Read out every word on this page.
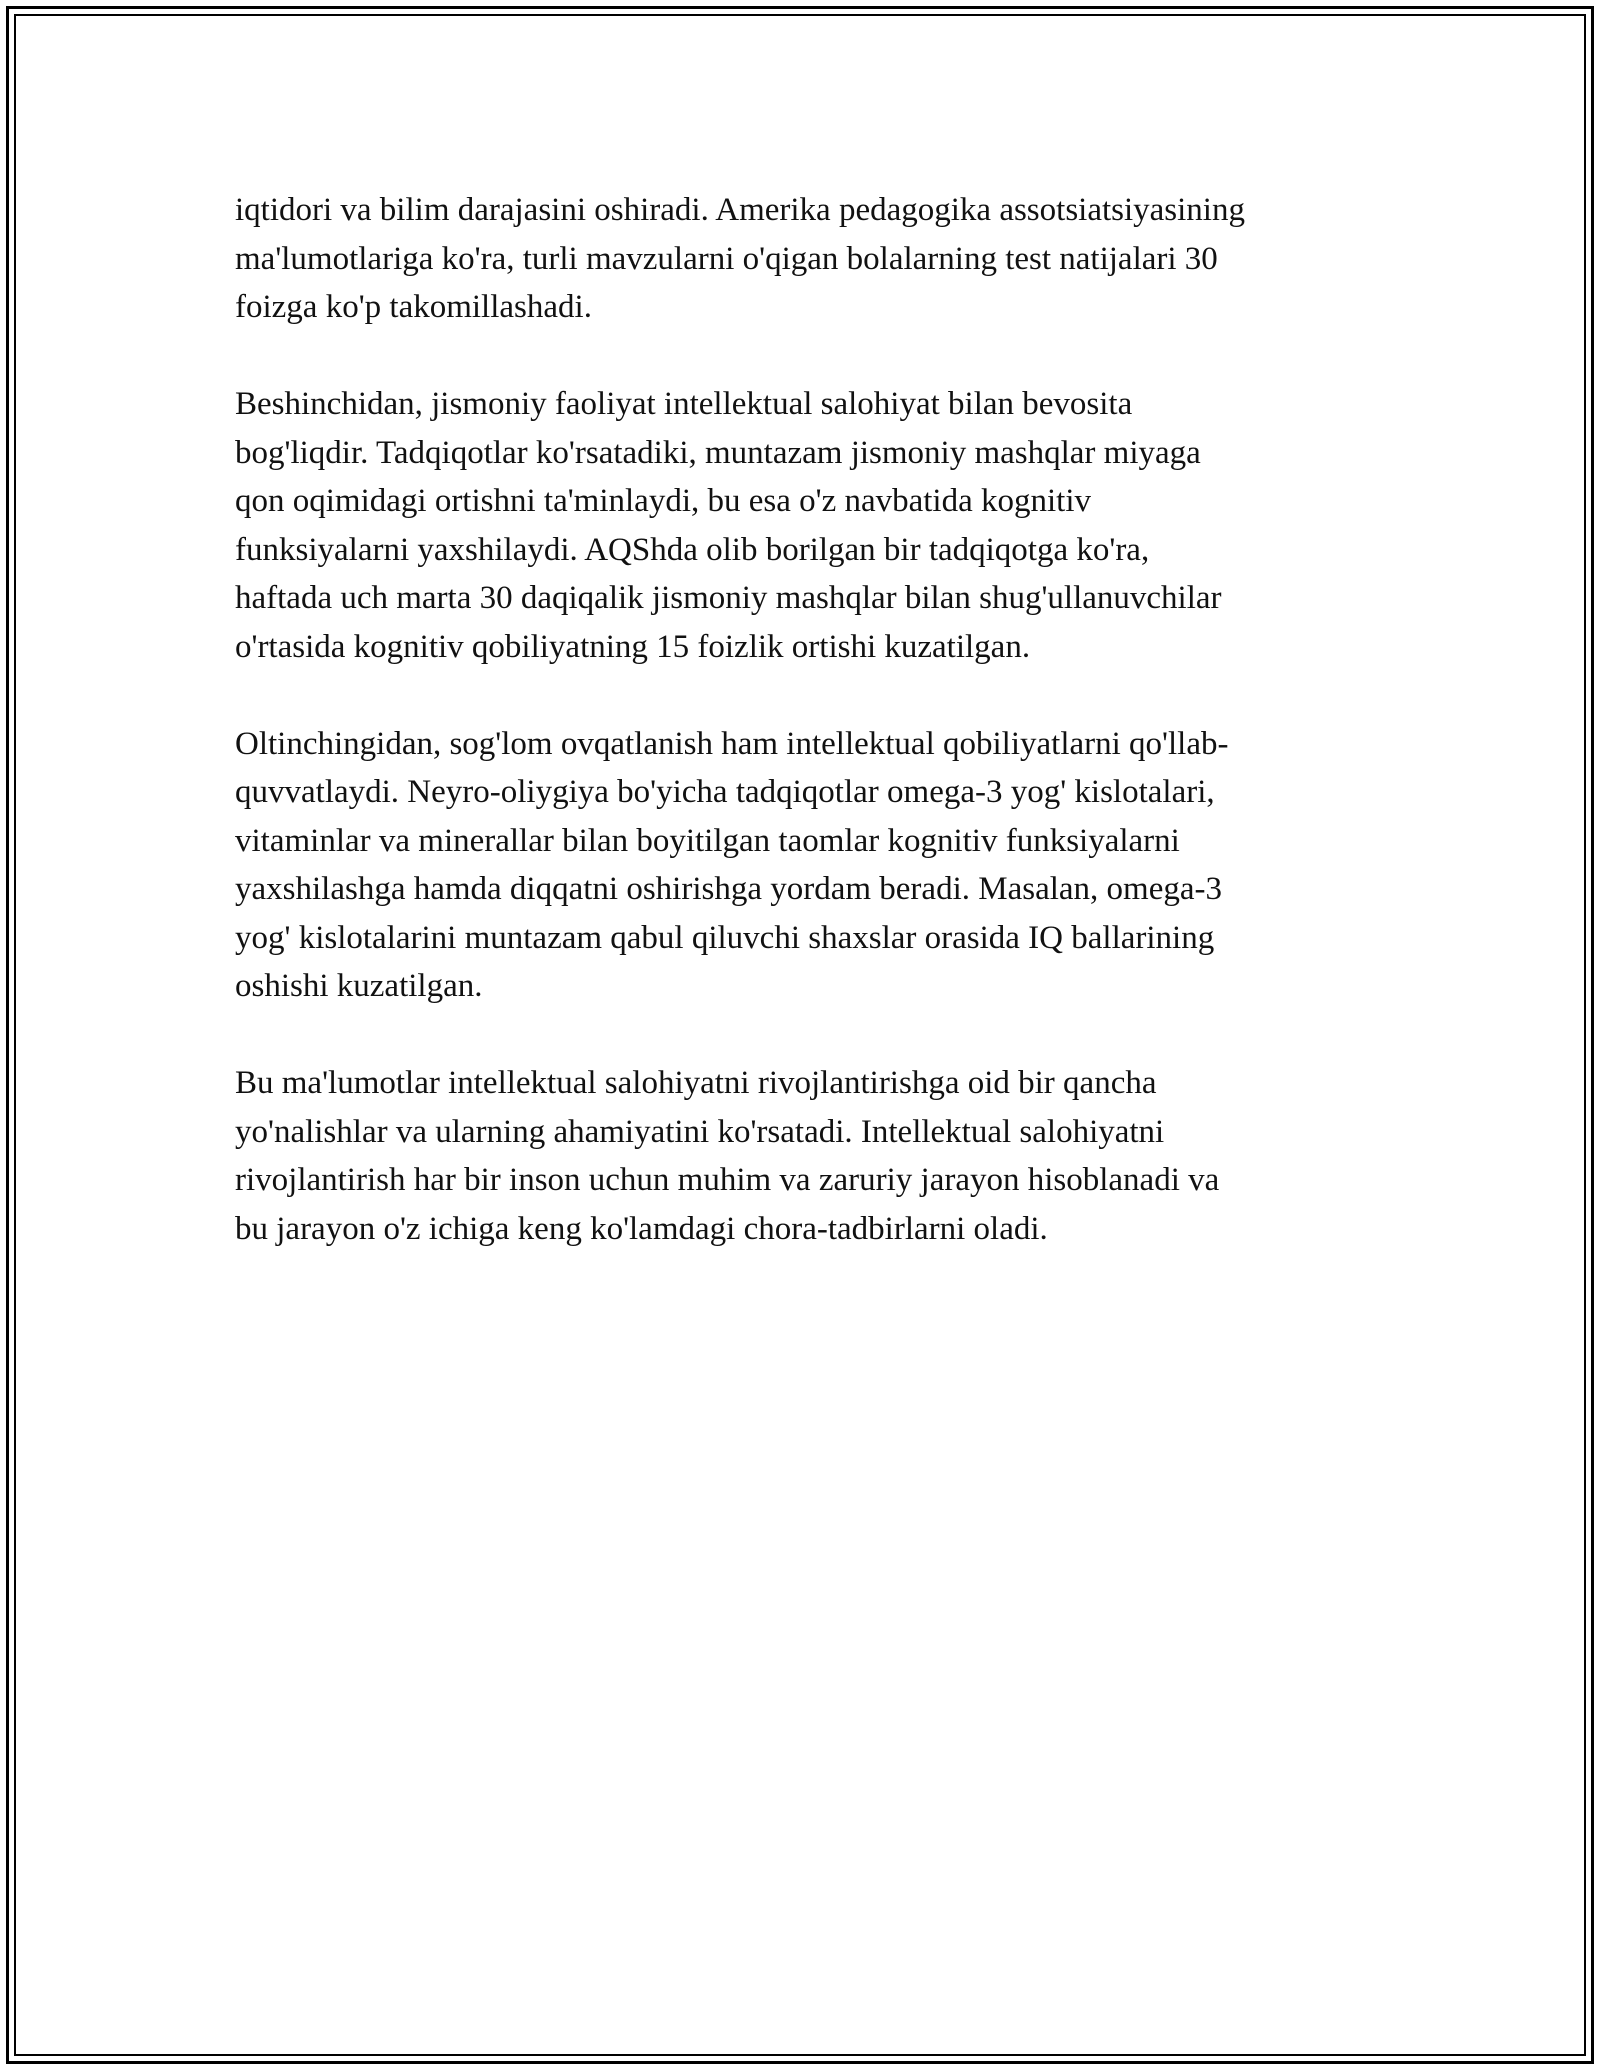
iqtidori va bilim darajasini oshiradi. Amerika pedagogika assotsiatsiyasining
ma'lumotlariga ko'ra, turli mavzularni o'qigan bolalarning test natijalari 30
foizga ko'p takomillashadi.

Beshinchidan, jismoniy faoliyat intellektual salohiyat bilan bevosita
bog'liqdir. Tadqiqotlar ko'rsatadiki, muntazam jismoniy mashqlar miyaga
qon oqimidagi ortishni ta'minlaydi, bu esa o'z navbatida kognitiv
funksiyalarni yaxshilaydi. AQShda olib borilgan bir tadqiqotga ko'ra,
haftada uch marta 30 daqiqalik jismoniy mashqlar bilan shug'ullanuvchilar
o'rtasida kognitiv qobiliyatning 15 foizlik ortishi kuzatilgan.

Oltinchingidan, sog'lom ovqatlanish ham intellektual qobiliyatlarni qo'llab-
quvvatlaydi. Neyro-oliygiya bo'yicha tadqiqotlar omega-3 yog' kislotalari,
vitaminlar va minerallar bilan boyitilgan taomlar kognitiv funksiyalarni
yaxshilashga hamda diqqatni oshirishga yordam beradi. Masalan, omega-3
yog' kislotalarini muntazam qabul qiluvchi shaxslar orasida IQ ballarining
oshishi kuzatilgan.

Bu ma'lumotlar intellektual salohiyatni rivojlantirishga oid bir qancha
yo'nalishlar va ularning ahamiyatini ko'rsatadi. Intellektual salohiyatni
rivojlantirish har bir inson uchun muhim va zaruriy jarayon hisoblanadi va
bu jarayon o'z ichiga keng ko'lamdagi chora-tadbirlarni oladi.
